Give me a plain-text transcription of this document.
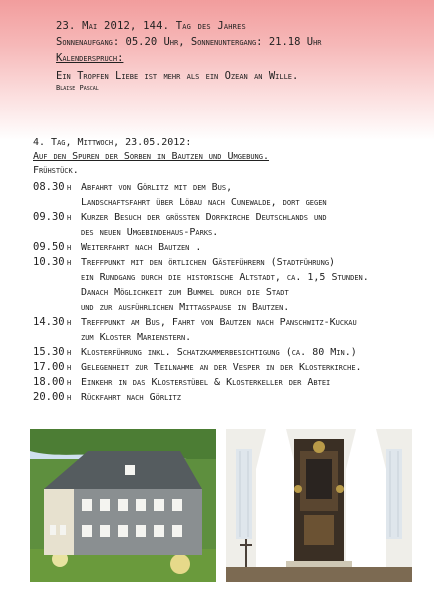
23. Mai 2012, 144. Tag des Jahres
Sonnenaufgang: 05.20 Uhr, Sonnenuntergang: 21.18 Uhr
Kalenderspruch:
Ein Tropfen Liebe ist mehr als ein Ozean an Wille.
Blaise Pascal
4. Tag, Mittwoch, 23.05.2012:
Auf den Spuren der Sorben in Bautzen und Umgebung.
Frühstück.
08.30 h Abfahrt von Görlitz mit dem Bus,
Landschaftsfahrt über Löbau nach Cunewalde, dort gegen
09.30 h Kurzer Besuch der größten Dorfkirche Deutschlands und
des neuen Umgebindehaus-Parks.
09.50 h Weiterfahrt nach Bautzen .
10.30 h Treffpunkt mit den örtlichen Gästeführern (Stadtführung)
ein Rundgang durch die historische Altstadt, ca. 1,5 Stunden.
Danach Möglichkeit zum Bummel durch die Stadt
und zur ausführlichen Mittagspause in Bautzen.
14.30 h Treffpunkt am Bus, Fahrt von Bautzen nach Panschwitz-Kuckau
zum Kloster Marienstern.
15.30 h Klosterführung inkl. Schatzkammerbesichtigung (ca. 80 Min.)
17.00 h Gelegenheit zur Teilnahme an der Vesper in der Klosterkirche.
18.00 h Einkehr in das Klosterstübel & Klosterkeller der Abtei
20.00 h Rückfahrt nach Görlitz
